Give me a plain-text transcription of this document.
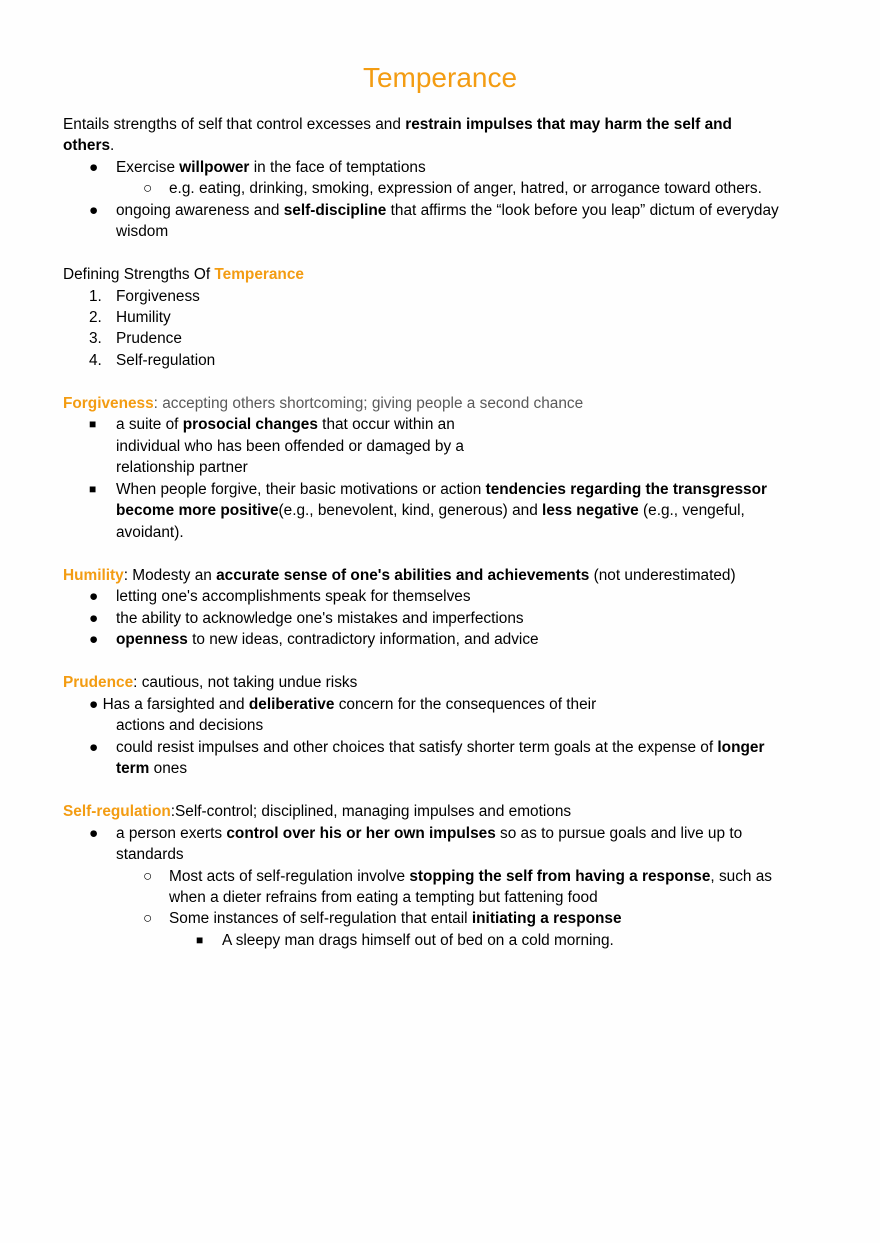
Temperance
Entails strengths of self that control excesses and restrain impulses that may harm the self and
others.
● Exercise willpower in the face of temptations
○ e.g. eating, drinking, smoking, expression of anger, hatred, or arrogance toward others.
● ongoing awareness and self-discipline that affirms the “look before you leap” dictum of everyday
wisdom
Defining Strengths Of Temperance
1. Forgiveness
2. Humility
3. Prudence
4. Self-regulation
Forgiveness: accepting others shortcoming; giving people a second chance
■ a suite of prosocial changes that occur within an
individual who has been offended or damaged by a
relationship partner
■ When people forgive, their basic motivations or action tendencies regarding the transgressor
become more positive(e.g., benevolent, kind, generous) and less negative (e.g., vengeful,
avoidant).
Humility: Modesty an accurate sense of one's abilities and achievements (not underestimated)
● letting one's accomplishments speak for themselves
● the ability to acknowledge one's mistakes and imperfections
● openness to new ideas, contradictory information, and advice
Prudence: cautious, not taking undue risks
● Has a farsighted and deliberative concern for the consequences of their
actions and decisions
● could resist impulses and other choices that satisfy shorter term goals at the expense of longer
term ones
Self-regulation:Self-control; disciplined, managing impulses and emotions
● a person exerts control over his or her own impulses so as to pursue goals and live up to
standards
○ Most acts of self-regulation involve stopping the self from having a response, such as
when a dieter refrains from eating a tempting but fattening food
○ Some instances of self-regulation that entail initiating a response
■ A sleepy man drags himself out of bed on a cold morning.
